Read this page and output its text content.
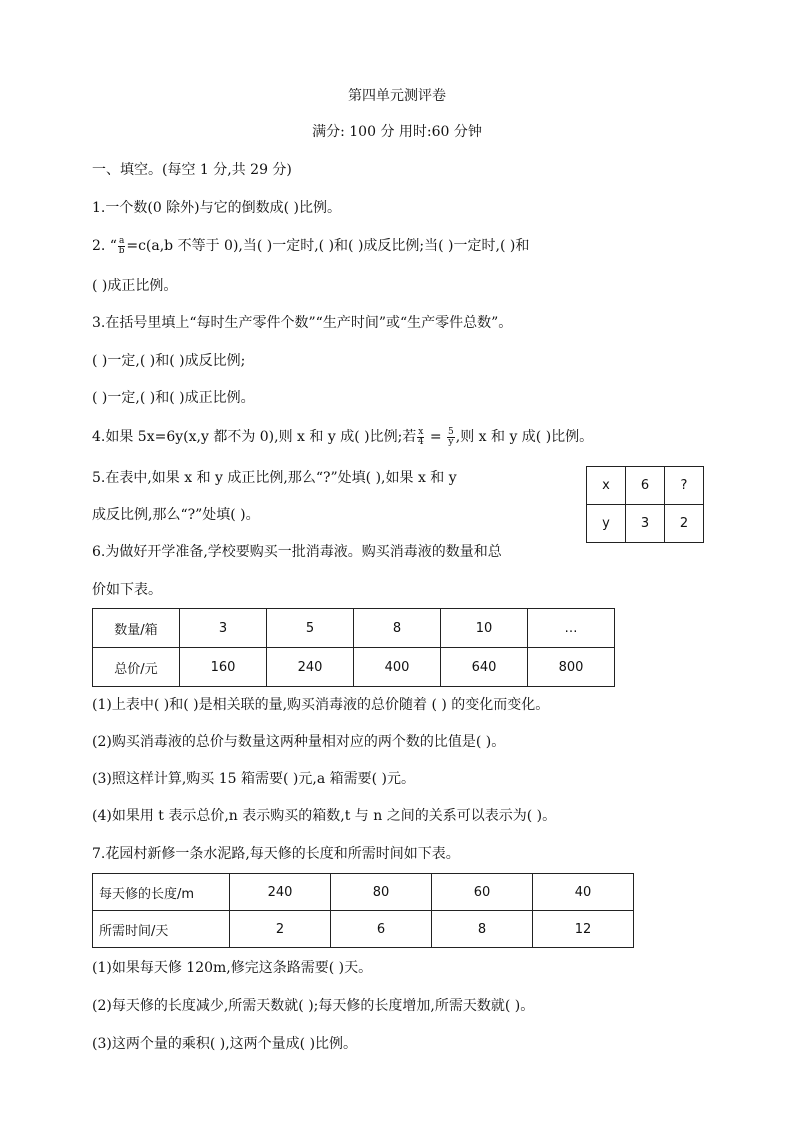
第四单元测评卷
满分: 100 分 用时:60 分钟
一、填空。(每空 1 分,共 29 分)
1.一个数(0 除外)与它的倒数成( )比例。
2. “ $\frac{a}{b} =c(a,b$ 不等于 0),当( )一定时,( )和( )成反比例;当( )一定时,( )和
( )成正比例。
3.在括号里填上“每时生产零件个数”“生产时间”或“生产零件总数”。
( )一定,( )和( )成反比例;
( )一定,( )和( )成正比例。
4.如果 5x=6y(x,y 都不为 0),则 x 和 y 成( )比例;若 $\frac{x}{4} = \frac{5}{y}$ ,则 x 和 y 成( )比例。
5.在表中,如果 x 和 y 成正比例,那么“?”处填( ),如果 x 和 y
成反比例,那么“?”处填( )。
x	6	?
y	3	2
6.为做好开学准备,学校要购买一批消毒液。购买消毒液的数量和总
价如下表。
数量/箱	3	5	8	10	…
总价/元	160	240	400	640	800
(1)上表中( )和( )是相关联的量,购买消毒液的总价随着 ( ) 的变化而变化。
(2)购买消毒液的总价与数量这两种量相对应的两个数的比值是( )。
(3)照这样计算,购买 15 箱需要( )元,a 箱需要( )元。
(4)如果用 t 表示总价,n 表示购买的箱数,t 与 n 之间的关系可以表示为( )。
7.花园村新修一条水泥路,每天修的长度和所需时间如下表。
每天修的长度/m	240	80	60	40
所需时间/天	2	6	8	12
(1)如果每天修 120m,修完这条路需要( )天。
(2)每天修的长度减少,所需天数就( );每天修的长度增加,所需天数就( )。
(3)这两个量的乘积( ),这两个量成( )比例。
